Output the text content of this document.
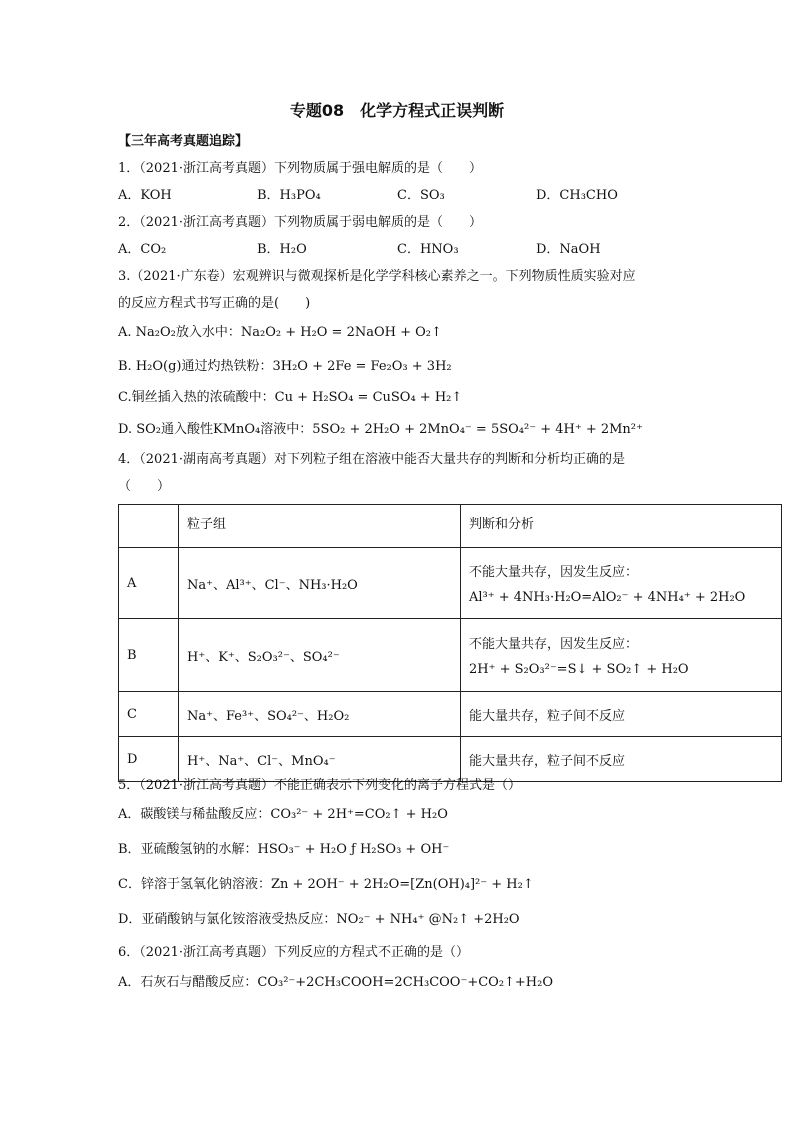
专题08　化学方程式正误判断
【三年高考真题追踪】
1．（2021·浙江高考真题）下列物质属于强电解质的是（　　）
A．KOH	B．H₃PO₄	C．SO₃	D．CH₃CHO
2．（2021·浙江高考真题）下列物质属于弱电解质的是（　　）
A．CO₂	B．H₂O	C．HNO₃	D．NaOH
3.（2021·广东卷）宏观辨识与微观探析是化学学科核心素养之一。下列物质性质实验对应
的反应方程式书写正确的是(　　)
A. Na₂O₂放入水中：Na₂O₂ + H₂O = 2NaOH + O₂↑
B. H₂O(g)通过灼热铁粉：3H₂O + 2Fe = Fe₂O₃ + 3H₂
C.铜丝插入热的浓硫酸中：Cu + H₂SO₄ = CuSO₄ + H₂↑
D. SO₂通入酸性KMnO₄溶液中：5SO₂ + 2H₂O + 2MnO₄⁻ = 5SO₄²⁻ + 4H⁺ + 2Mn²⁺
4．（2021·湖南高考真题）对下列粒子组在溶液中能否大量共存的判断和分析均正确的是
（　　）
	粒子组	判断和分析
A	Na⁺、Al³⁺、Cl⁻、NH₃·H₂O	不能大量共存，因发生反应：
Al³⁺ + 4NH₃·H₂O=AlO₂⁻ + 4NH₄⁺ + 2H₂O

B	H⁺、K⁺、S₂O₃²⁻、SO₄²⁻	不能大量共存，因发生反应：
2H⁺ + S₂O₃²⁻=S↓ + SO₂↑ + H₂O

C	Na⁺、Fe³⁺、SO₄²⁻、H₂O₂	能大量共存，粒子间不反应
D	H⁺、Na⁺、Cl⁻、MnO₄⁻	能大量共存，粒子间不反应
5．（2021·浙江高考真题）不能正确表示下列变化的离子方程式是（）
A．碳酸镁与稀盐酸反应：CO₃²⁻ + 2H⁺=CO₂↑ + H₂O
B．亚硫酸氢钠的水解：HSO₃⁻ + H₂O ƒ H₂SO₃ + OH⁻
C．锌溶于氢氧化钠溶液：Zn + 2OH⁻ + 2H₂O=[Zn(OH)₄]²⁻ + H₂↑
D．亚硝酸钠与氯化铵溶液受热反应：NO₂⁻ + NH₄⁺ @N₂↑ +2H₂O
6．（2021·浙江高考真题）下列反应的方程式不正确的是（）
A．石灰石与醋酸反应：CO₃²⁻+2CH₃COOH=2CH₃COO⁻+CO₂↑+H₂O
